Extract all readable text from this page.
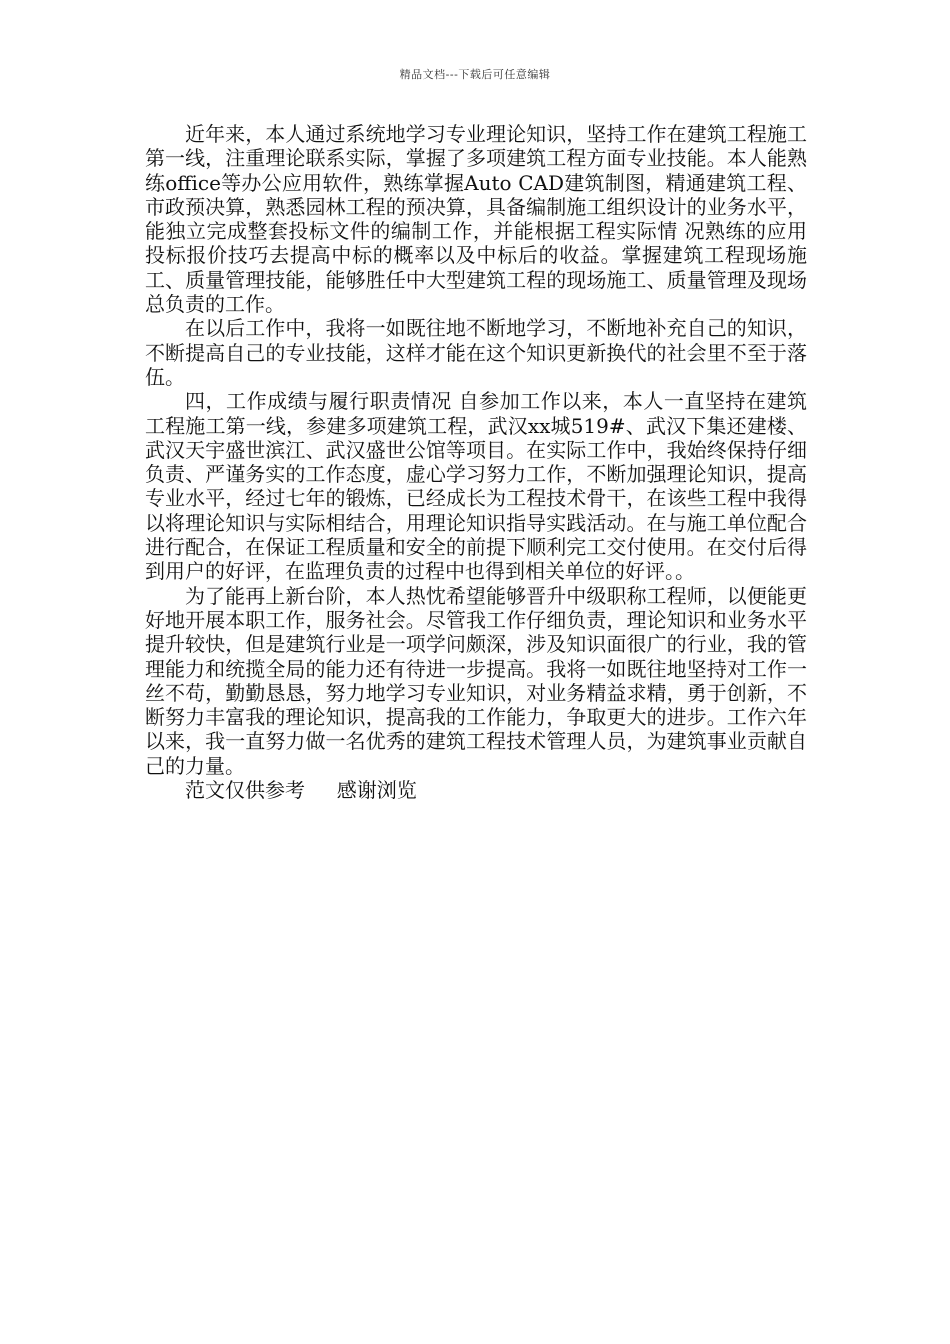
精品文档---下载后可任意编辑

近年来，本人通过系统地学习专业理论知识，坚持工作在建筑工程施工第一线，注重理论联系实际，掌握了多项建筑工程方面专业技能。本人能熟练office等办公应用软件，熟练掌握Auto CAD建筑制图，精通建筑工程、市政预决算，熟悉园林工程的预决算，具备编制施工组织设计的业务水平，能独立完成整套投标文件的编制工作，并能根据工程实际情 况熟练的应用投标报价技巧去提高中标的概率以及中标后的收益。掌握建筑工程现场施工、质量管理技能，能够胜任中大型建筑工程的现场施工、质量管理及现场总负责的工作。

在以后工作中，我将一如既往地不断地学习，不断地补充自己的知识，不断提高自己的专业技能，这样才能在这个知识更新换代的社会里不至于落伍。

四，工作成绩与履行职责情况 自参加工作以来，本人一直坚持在建筑工程施工第一线，参建多项建筑工程，武汉xx城519#、武汉下集还建楼、武汉天宇盛世滨江、武汉盛世公馆等项目。在实际工作中，我始终保持仔细负责、严谨务实的工作态度，虚心学习努力工作，不断加强理论知识，提高专业水平，经过七年的锻炼，已经成长为工程技术骨干，在该些工程中我得以将理论知识与实际相结合，用理论知识指导实践活动。在与施工单位配合进行配合，在保证工程质量和安全的前提下顺利完工交付使用。在交付后得到用户的好评，在监理负责的过程中也得到相关单位的好评。。

为了能再上新台阶，本人热忱希望能够晋升中级职称工程师，以便能更好地开展本职工作，服务社会。尽管我工作仔细负责，理论知识和业务水平提升较快，但是建筑行业是一项学问颇深，涉及知识面很广的行业，我的管理能力和统揽全局的能力还有待进一步提高。我将一如既往地坚持对工作一丝不苟，勤勤恳恳，努力地学习专业知识，对业务精益求精，勇于创新，不断努力丰富我的理论知识，提高我的工作能力，争取更大的进步。工作六年以来，我一直努力做一名优秀的建筑工程技术管理人员，为建筑事业贡献自己的力量。

范文仅供参考     感谢浏览
